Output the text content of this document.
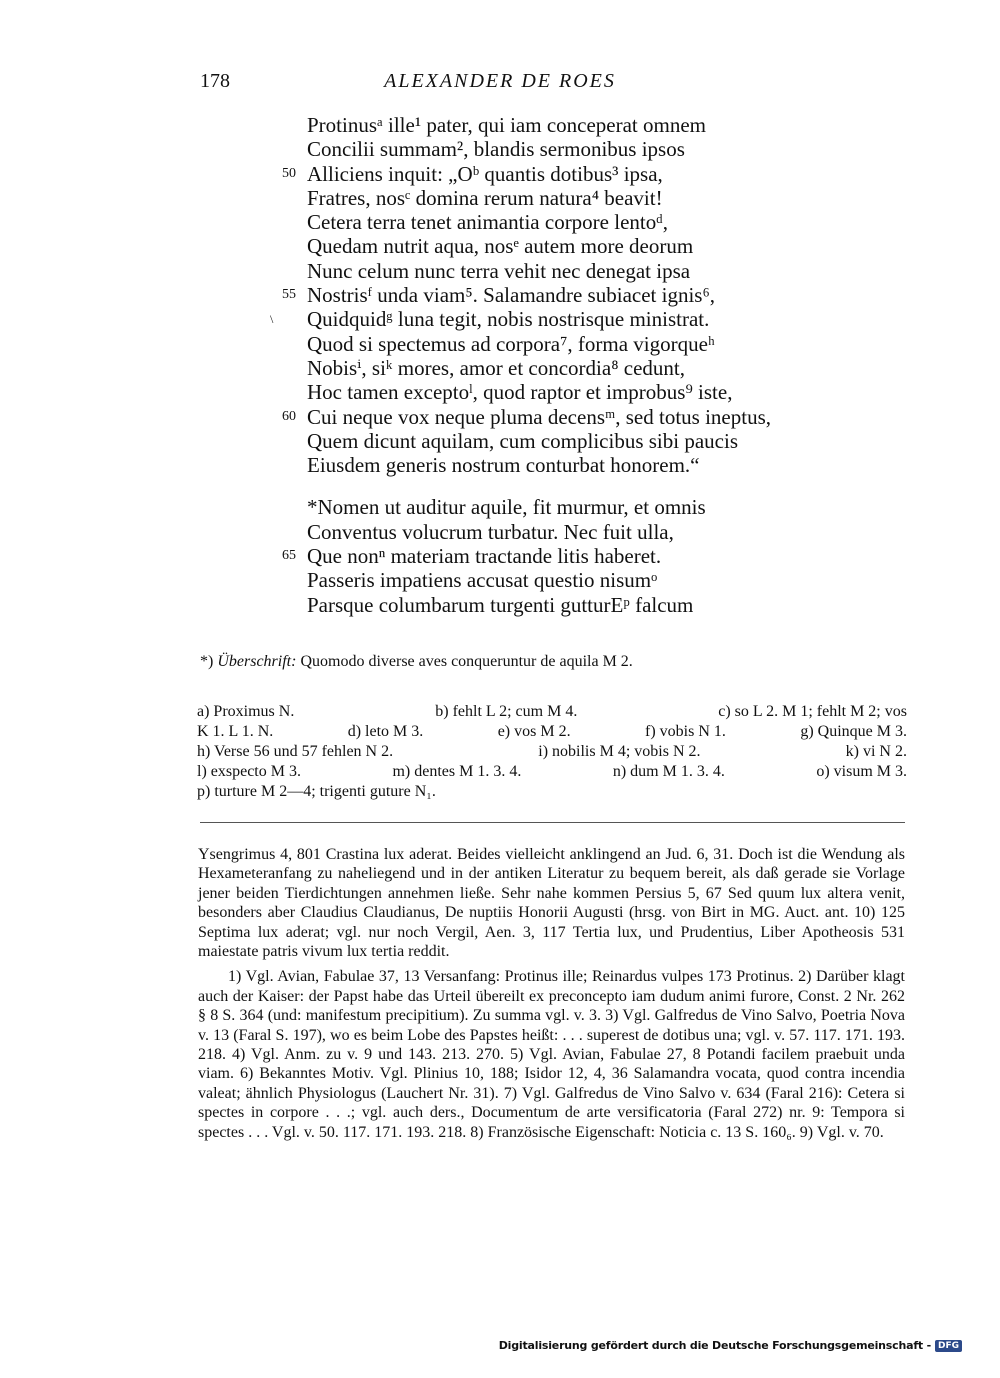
178	ALEXANDER DE ROES
Protinusᵃ ille¹ pater, qui iam conceperat omnem
Concilii summam², blandis sermonibus ipsos
50 Alliciens inquit: „Oᵇ quantis dotibus³ ipsa,
Fratres, nosᶜ domina rerum natura⁴ beavit!
Cetera terra tenet animantia corpore lentoᵈ,
Quedam nutrit aqua, nosᵉ autem more deorum
Nunc celum nunc terra vehit nec denegat ipsa
55 Nostrisᶠ unda viam⁵. Salamandre subiacet ignis⁶,
\ Quidquidᵍ luna tegit, nobis nostrisque ministrat.
Quod si spectemus ad corpora⁷, forma vigorqueʰ
Nobisⁱ, siᵏ mores, amor et concordia⁸ cedunt,
Hoc tamen exceptoˡ, quod raptor et improbus⁹ iste,
60 Cui neque vox neque pluma decensᵐ, sed totus ineptus,
Quem dicunt aquilam, cum complicibus sibi paucis
Eiusdem generis nostrum conturbat honorem.“
*Nomen ut auditur aquile, fit murmur, et omnis
Conventus volucrum turbatur. Nec fuit ulla,
65 Que nonⁿ materiam tractande litis haberet.
Passeris impatiens accusat questio nisumᵒ
Parsque columbarum turgenti gutturEᵖ falcum
*) Überschrift: Quomodo diverse aves conqueruntur de aquila M 2.
a) Proximus N.	b) fehlt L 2; cum M 4.	c) so L 2. M 1; fehlt M 2; vos
K 1. L 1. N.	d) leto M 3.	e) vos M 2.	f) vobis N 1.	g) Quinque M 3.
h) Verse 56 und 57 fehlen N 2.	i) nobilis M 4; vobis N 2.	k) vi N 2.
l) exspecto M 3.	m) dentes M 1. 3. 4.	n) dum M 1. 3. 4.	o) visum M 3.
p) turture M 2—4; trigenti guture N₁.

Ysengrimus 4, 801 Crastina lux aderat. Beides vielleicht anklingend an Jud. 6, 31. Doch ist die Wendung als Hexameteranfang zu naheliegend und in der antiken Literatur zu bequem bereit, als daß gerade sie Vorlage jener beiden Tierdichtungen annehmen ließe. Sehr nahe kommen Persius 5, 67 Sed quum lux altera venit, besonders aber Claudius Claudianus, De nuptiis Honorii Augusti (hrsg. von Birt in MG. Auct. ant. 10) 125 Septima lux aderat; vgl. nur noch Vergil, Aen. 3, 117 Tertia lux, und Prudentius, Liber Apotheosis 531 maiestate patris vivum lux tertia reddit.

1) Vgl. Avian, Fabulae 37, 13 Versanfang: Protinus ille; Reinardus vulpes 173 Protinus. 2) Darüber klagt auch der Kaiser: der Papst habe das Urteil übereilt ex preconcepto iam dudum animi furore, Const. 2 Nr. 262 § 8 S. 364 (und: manifestum precipitium). Zu summa vgl. v. 3. 3) Vgl. Galfredus de Vino Salvo, Poetria Nova v. 13 (Faral S. 197), wo es beim Lobe des Papstes heißt: . . . superest de dotibus una; vgl. v. 57. 117. 171. 193. 218. 4) Vgl. Anm. zu v. 9 und 143. 213. 270. 5) Vgl. Avian, Fabulae 27, 8 Potandi facilem praebuit unda viam. 6) Bekanntes Motiv. Vgl. Plinius 10, 188; Isidor 12, 4, 36 Salamandra vocata, quod contra incendia valeat; ähnlich Physiologus (Lauchert Nr. 31). 7) Vgl. Galfredus de Vino Salvo v. 634 (Faral 216): Cetera si spectes in corpore . . .; vgl. auch ders., Documentum de arte versificatoria (Faral 272) nr. 9: Tempora si spectes . . . Vgl. v. 50. 117. 171. 193. 218. 8) Französische Eigenschaft: Noticia c. 13 S. 160₆. 9) Vgl. v. 70.

Digitalisierung gefördert durch die Deutsche Forschungsgemeinschaft - DFG
